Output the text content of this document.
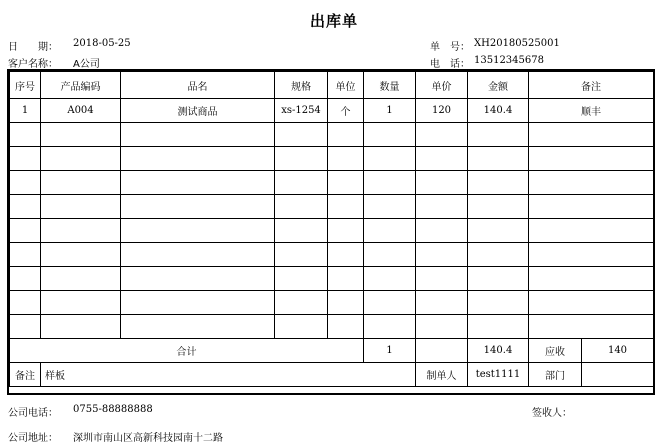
出库单
日　　期： 2018-05-25
客户名称： A公司
单　号： XH20180525001
电　话： 13512345678
序号	产品编码	品名	规格	单位	数量	单价	金额	备注
1	A004	测试商品	xs-1254	个	1	120	140.4	顺丰

合计					1		140.4	应收 140

备注	样板					制单人	test1111	部门
公司电话： 0755-88888888	签收人：
公司地址： 深圳市南山区高新科技园南十二路
